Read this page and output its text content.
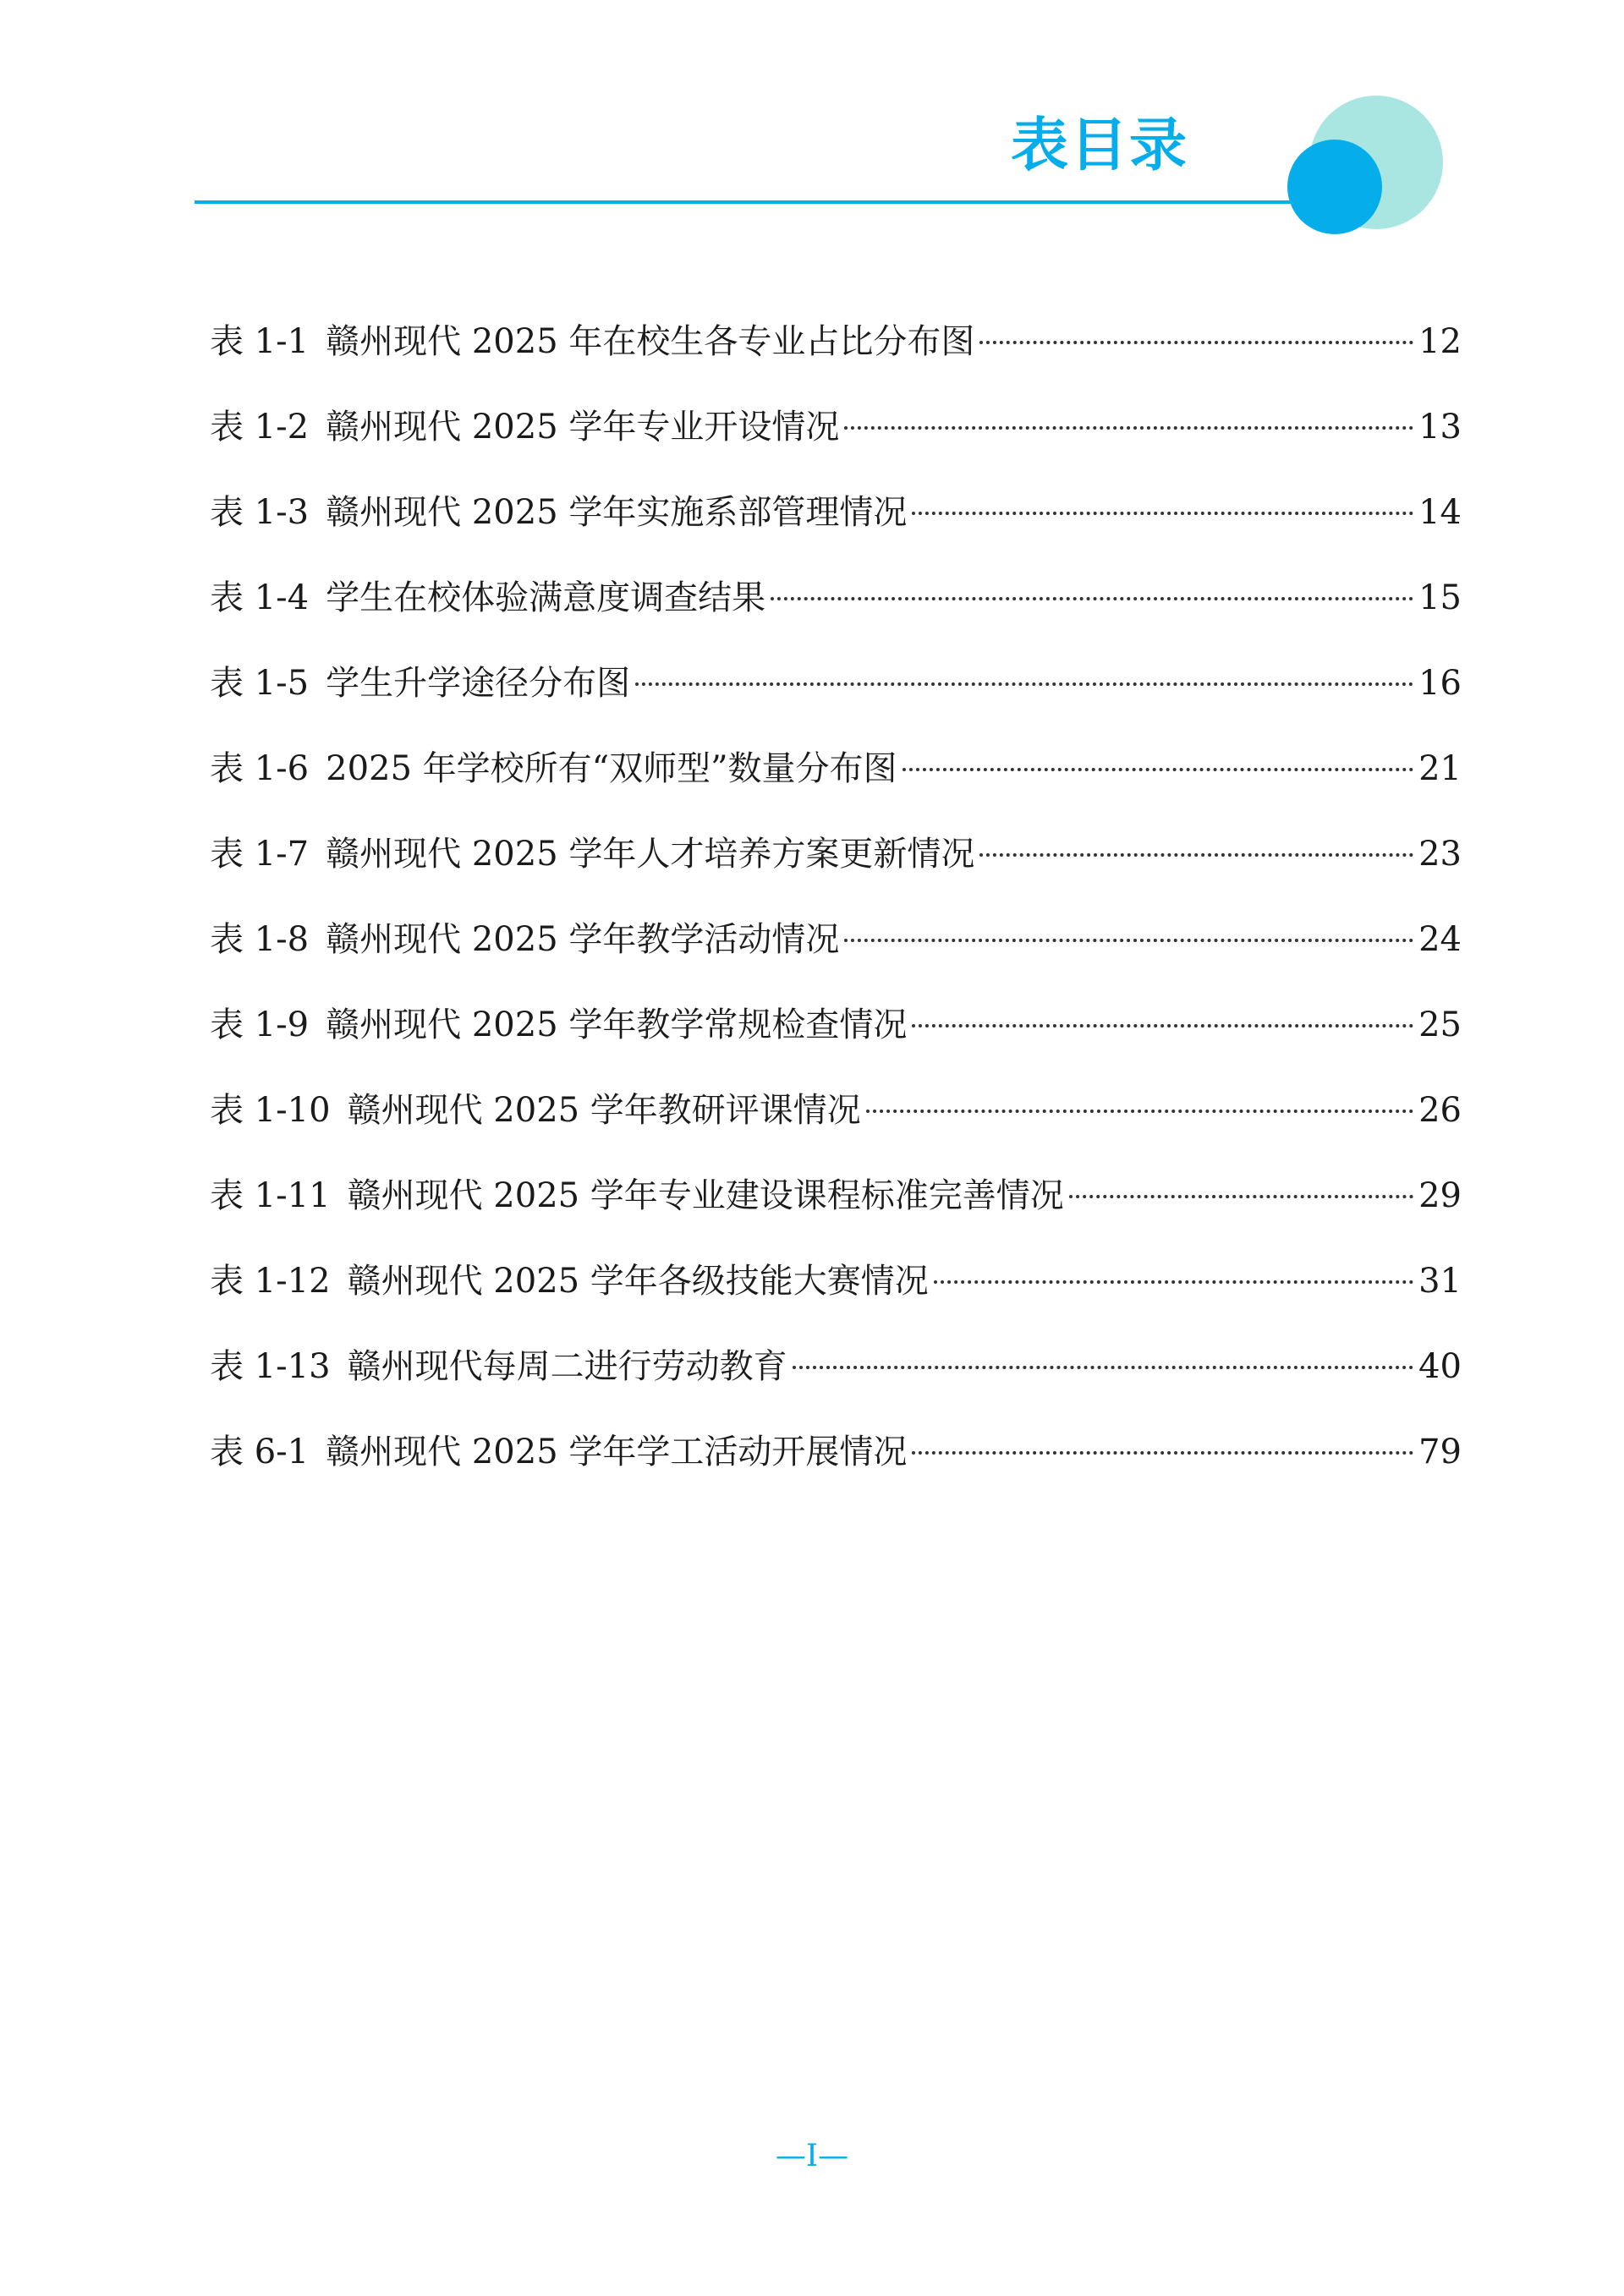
表目录
表 1-1 赣州现代 2025 年在校生各专业占比分布图	12
表 1-2 赣州现代 2025 学年专业开设情况	13
表 1-3 赣州现代 2025 学年实施系部管理情况	14
表 1-4 学生在校体验满意度调查结果	15
表 1-5 学生升学途径分布图	16
表 1-6 2025 年学校所有“双师型”数量分布图	21
表 1-7 赣州现代 2025 学年人才培养方案更新情况	23
表 1-8 赣州现代 2025 学年教学活动情况	24
表 1-9 赣州现代 2025 学年教学常规检查情况	25
表 1-10 赣州现代 2025 学年教研评课情况	26
表 1-11 赣州现代 2025 学年专业建设课程标准完善情况	29
表 1-12 赣州现代 2025 学年各级技能大赛情况	31
表 1-13 赣州现代每周二进行劳动教育	40
表 6-1 赣州现代 2025 学年学工活动开展情况	79
—I—
